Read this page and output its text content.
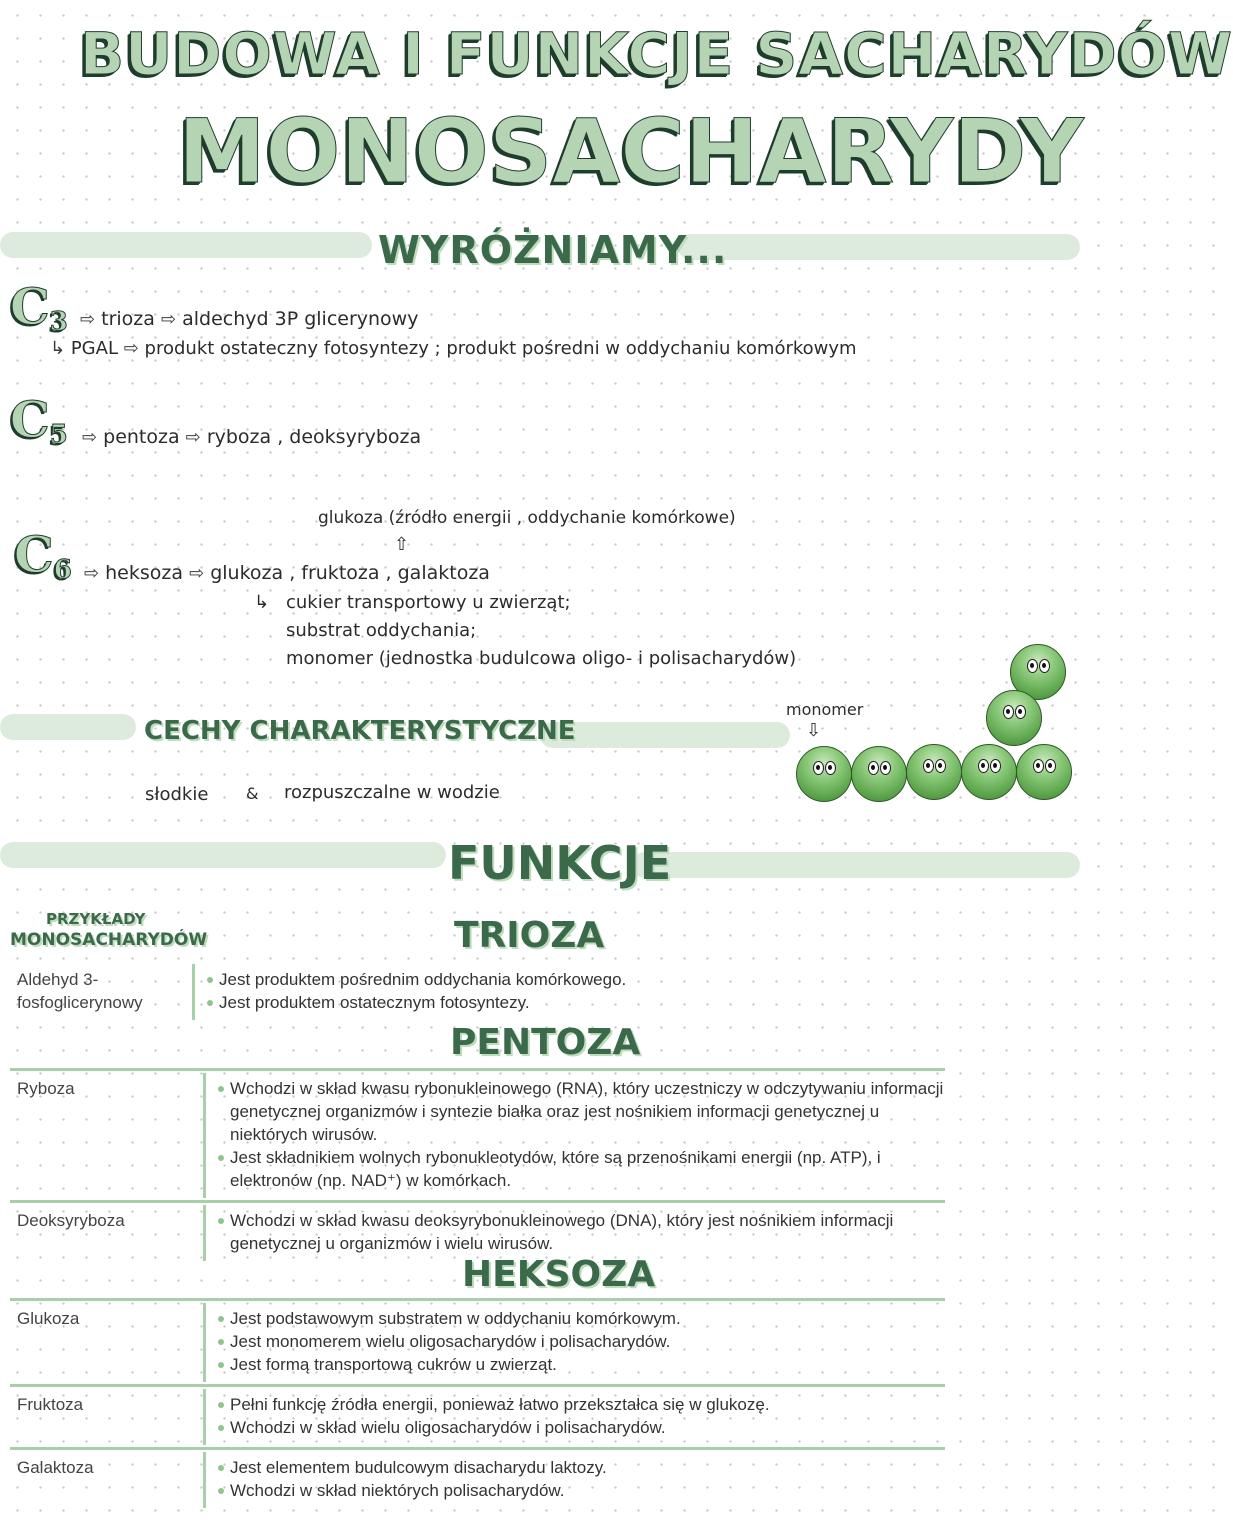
BUDOWA I FUNKCJE SACHARYDÓW
MONOSACHARYDY
WYRÓŻNIAMY...
$C_3$ ⇨ trioza ⇨ aldechyd 3P glicerynowy
↳ PGAL ⇨ produkt ostateczny fotosyntezy ; produkt pośredni w oddychaniu komórkowym
$C_5$ ⇨ pentoza ⇨ ryboza , deoksyryboza
glukoza (źródło energii , oddychanie komórkowe)
⇧
$C_6$ ⇨ heksoza ⇨ glukoza , fruktoza , galaktoza
↳ cukier transportowy u zwierząt;
substrat oddychania;
monomer (jednostka budulcowa oligo- i polisacharydów)
CECHY CHARAKTERYSTYCZNE
słodkie & rozpuszczalne w wodzie
monomer
⇩
FUNKCJE
PRZYKŁADY
MONOSACHARYDÓW	TRIOZA
Aldehyd 3-fosfoglicerynowy
Jest produktem pośrednim oddychania komórkowego.
Jest produktem ostatecznym fotosyntezy.
PENTOZA
Ryboza	Wchodzi w skład kwasu rybonukleinowego (RNA), który uczestniczy w odczytywaniu informacji genetycznej organizmów i syntezie białka oraz jest nośnikiem informacji genetycznej u niektórych wirusów.
Jest składnikiem wolnych rybonukleotydów, które są przenośnikami energii (np. ATP), i elektronów (np. NAD⁺) w komórkach.
Deoksyryboza	Wchodzi w skład kwasu deoksyrybonukleinowego (DNA), który jest nośnikiem informacji genetycznej u organizmów i wielu wirusów.
HEKSOZA
Glukoza	Jest podstawowym substratem w oddychaniu komórkowym.
Jest monomerem wielu oligosacharydów i polisacharydów.
Jest formą transportową cukrów u zwierząt.
Fruktoza	Pełni funkcję źródła energii, ponieważ łatwo przekształca się w glukozę.
Wchodzi w skład wielu oligosacharydów i polisacharydów.
Galaktoza	Jest elementem budulcowym disacharydu laktozy.
Wchodzi w skład niektórych polisacharydów.
